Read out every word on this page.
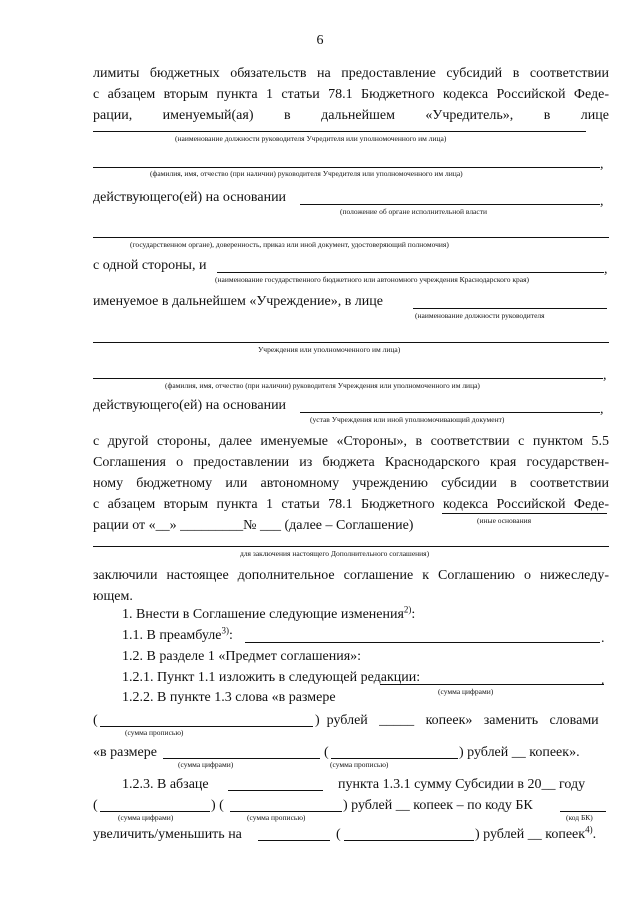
6
лимиты бюджетных обязательств на предоставление субсидий в соответствии
с абзацем вторым пункта 1 статьи 78.1 Бюджетного кодекса Российской Феде-
рации, именуемый(ая) в дальнейшем «Учредитель», в лице
(наименование должности руководителя Учредителя или уполномоченного им лица)
,
(фамилия, имя, отчество (при наличии) руководителя Учредителя или уполномоченного им лица)
действующего(ей) на основании	,
(положение об органе исполнительной власти
(государственном органе), доверенность, приказ или иной документ, удостоверяющий полномочия)
с одной стороны, и	,
(наименование государственного бюджетного или автономного учреждения Краснодарского края)
именуемое в дальнейшем «Учреждение», в лице
(наименование должности руководителя
Учреждения или уполномоченного им лица)
,
(фамилия, имя, отчество (при наличии) руководителя Учреждения или уполномоченного им лица)
действующего(ей) на основании	,
(устав Учреждения или иной уполномочивающий документ)
с другой стороны, далее именуемые «Стороны», в соответствии с пунктом 5.5
Соглашения о предоставлении из бюджета Краснодарского края государствен-
ному бюджетному или автономному учреждению субсидии в соответствии
с абзацем вторым пункта 1 статьи 78.1 Бюджетного кодекса Российской Феде-
рации от «__» _________№ ___ (далее – Соглашение)	(иные основания
для заключения настоящего Дополнительного соглашения)
заключили настоящее дополнительное соглашение к Соглашению о нижеследу-
ющем.
1. Внести в Соглашение следующие изменения$^{2)}$:
1.1. В преамбуле$^{3)}$:	.
1.2. В разделе 1 «Предмет соглашения»:
1.2.1. Пункт 1.1 изложить в следующей редакции:	.
1.2.2. В пункте 1.3 слова «в размере	(сумма цифрами)
(	)  рублей _____ копеек» заменить словами
(сумма прописью)
«в размере	(	) рублей __ копеек».
(сумма цифрами)	(сумма прописью)
1.2.3. В абзаце	пункта 1.3.1 сумму Субсидии в 20__ году
(	) (	) рублей __ копеек – по коду БК
(сумма цифрами)	(сумма прописью)	(код БК)
увеличить/уменьшить на	(	) рублей __ копеек$^{4)}$.
